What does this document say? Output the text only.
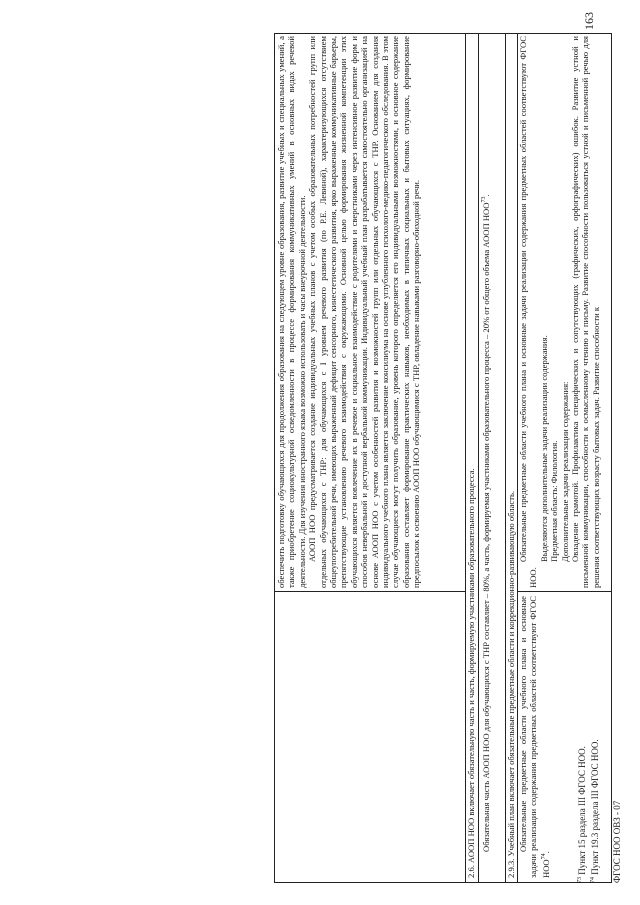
163

обеспечить подготовку обучающихся для продолжения образования на следующем уровне образования, развитие учебных и специальных умений, а также приобретение социокультурной осведомленности в процессе формирования коммуникативных умений в основных видах речевой деятельности. Для изучения иностранного языка возможно использовать и часы внеурочной деятельности. АООП НОО предусматривается создание индивидуальных учебных планов с учетом особых образовательных потребностей групп или отдельных обучающихся с ТНР: для обучающихся с I уровнем речевого развития (по Р.Е. Левиной), характеризующихся отсутствием общеупотребительной речи, имеющих выраженный дефицит сенсорного, кинестетического развития, ярко выраженные коммуникативные барьеры, препятствующие установлению речевого взаимодействия с окружающими. Основной целью формирования жизненной компетенции этих обучающихся является вовлечение их в речевое и социальное взаимодействие с родителями и сверстниками через интенсивное развитие форм и способов невербальной и доступной вербальной коммуникации. Индивидуальный учебный план разрабатывается самостоятельно организацией на основе АООП НОО с учетом особенностей развития и возможностей групп или отдельных обучающихся с ТНР. Основанием для создания индивидуального учебного плана является заключение консилиума на основе углубленного психолого-медико-педагогического обследования. В этом случае обучающиеся могут получить образование, уровень которого определяется его индивидуальными возможностями, и основное содержание образования составляет формирование практических навыков, необходимых в типичных социальных и бытовых ситуациях, формирование предпосылок к освоению АООП НОО обучающимися с ТНР, овладение навыками разговорно-обиходной речи.

2.6. АООП НОО включает обязательную часть и часть, формируемую участниками образовательного процесса. Обязательная часть АООП НОО для обучающихся с ТНР составляет – 80%, а часть, формируемая участниками образовательного процесса – 20% от общего объема АООП НОО$^{73}$.

2.9.3. Учебный план включает обязательные предметные области и коррекционно-развивающую область. Обязательные предметные области учебного плана и основные задачи реализации содержания предметных областей соответствуют ФГОС НОО$^{74}$.

Обязательные предметные области учебного плана и основные задачи реализации содержания предметных областей соответствуют ФГОС НОО.

Выделяются дополнительные задачи реализации содержания. Предметная область: Филология. Дополнительные задачи реализации содержания: Овладение грамотой. Профилактика специфических и сопутствующих (графических, орфографических) ошибок. Развитие устной и письменной коммуникации, способности к осмысленному чтению и письму. Развитие способности пользоваться устной и письменной речью для решения соответствующих возрасту бытовых задач. Развитие способности к

$^{73}$ Пункт 15 раздела III ФГОС НОО.
$^{74}$ Пункт 19.3 раздела III ФГОС НОО. ФГОС НОО ОВЗ - 07
